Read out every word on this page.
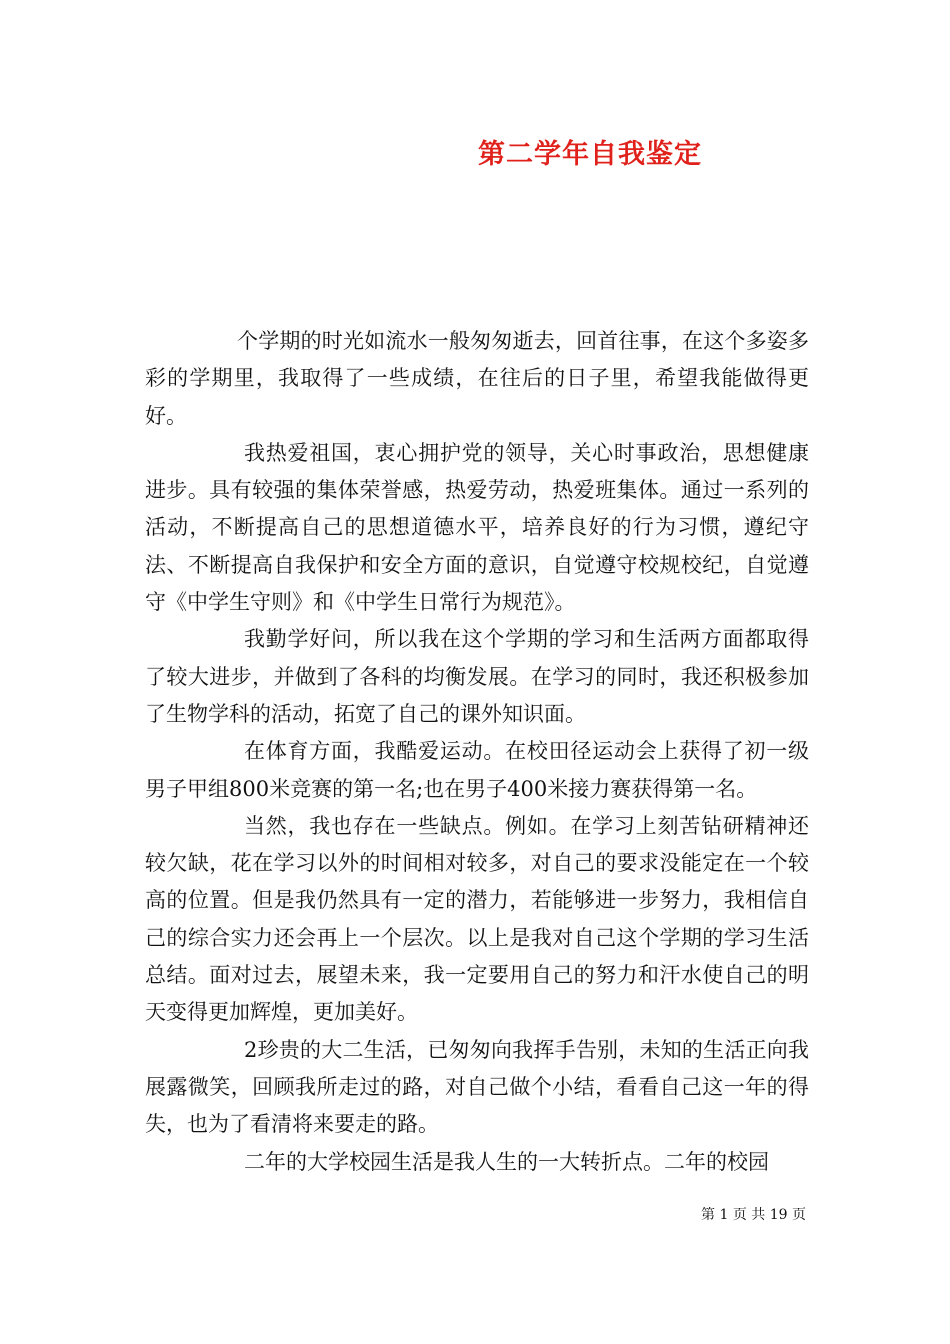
第二学年自我鉴定

个学期的时光如流水一般匆匆逝去，回首往事，在这个多姿多彩的学期里，我取得了一些成绩，在往后的日子里，希望我能做得更好。

我热爱祖国，衷心拥护党的领导，关心时事政治，思想健康进步。具有较强的集体荣誉感，热爱劳动，热爱班集体。通过一系列的活动，不断提高自己的思想道德水平，培养良好的行为习惯，遵纪守法、不断提高自我保护和安全方面的意识，自觉遵守校规校纪，自觉遵守《中学生守则》和《中学生日常行为规范》。

我勤学好问，所以我在这个学期的学习和生活两方面都取得了较大进步，并做到了各科的均衡发展。在学习的同时，我还积极参加了生物学科的活动，拓宽了自己的课外知识面。

在体育方面，我酷爱运动。在校田径运动会上获得了初一级男子甲组800米竞赛的第一名;也在男子400米接力赛获得第一名。

当然，我也存在一些缺点。例如。在学习上刻苦钻研精神还较欠缺，花在学习以外的时间相对较多，对自己的要求没能定在一个较高的位置。但是我仍然具有一定的潜力，若能够进一步努力，我相信自己的综合实力还会再上一个层次。以上是我对自己这个学期的学习生活总结。面对过去，展望未来，我一定要用自己的努力和汗水使自己的明天变得更加辉煌，更加美好。

2珍贵的大二生活，已匆匆向我挥手告别，未知的生活正向我展露微笑，回顾我所走过的路，对自己做个小结，看看自己这一年的得失，也为了看清将来要走的路。

二年的大学校园生活是我人生的一大转折点。二年的校园

第 1 页 共 19 页
